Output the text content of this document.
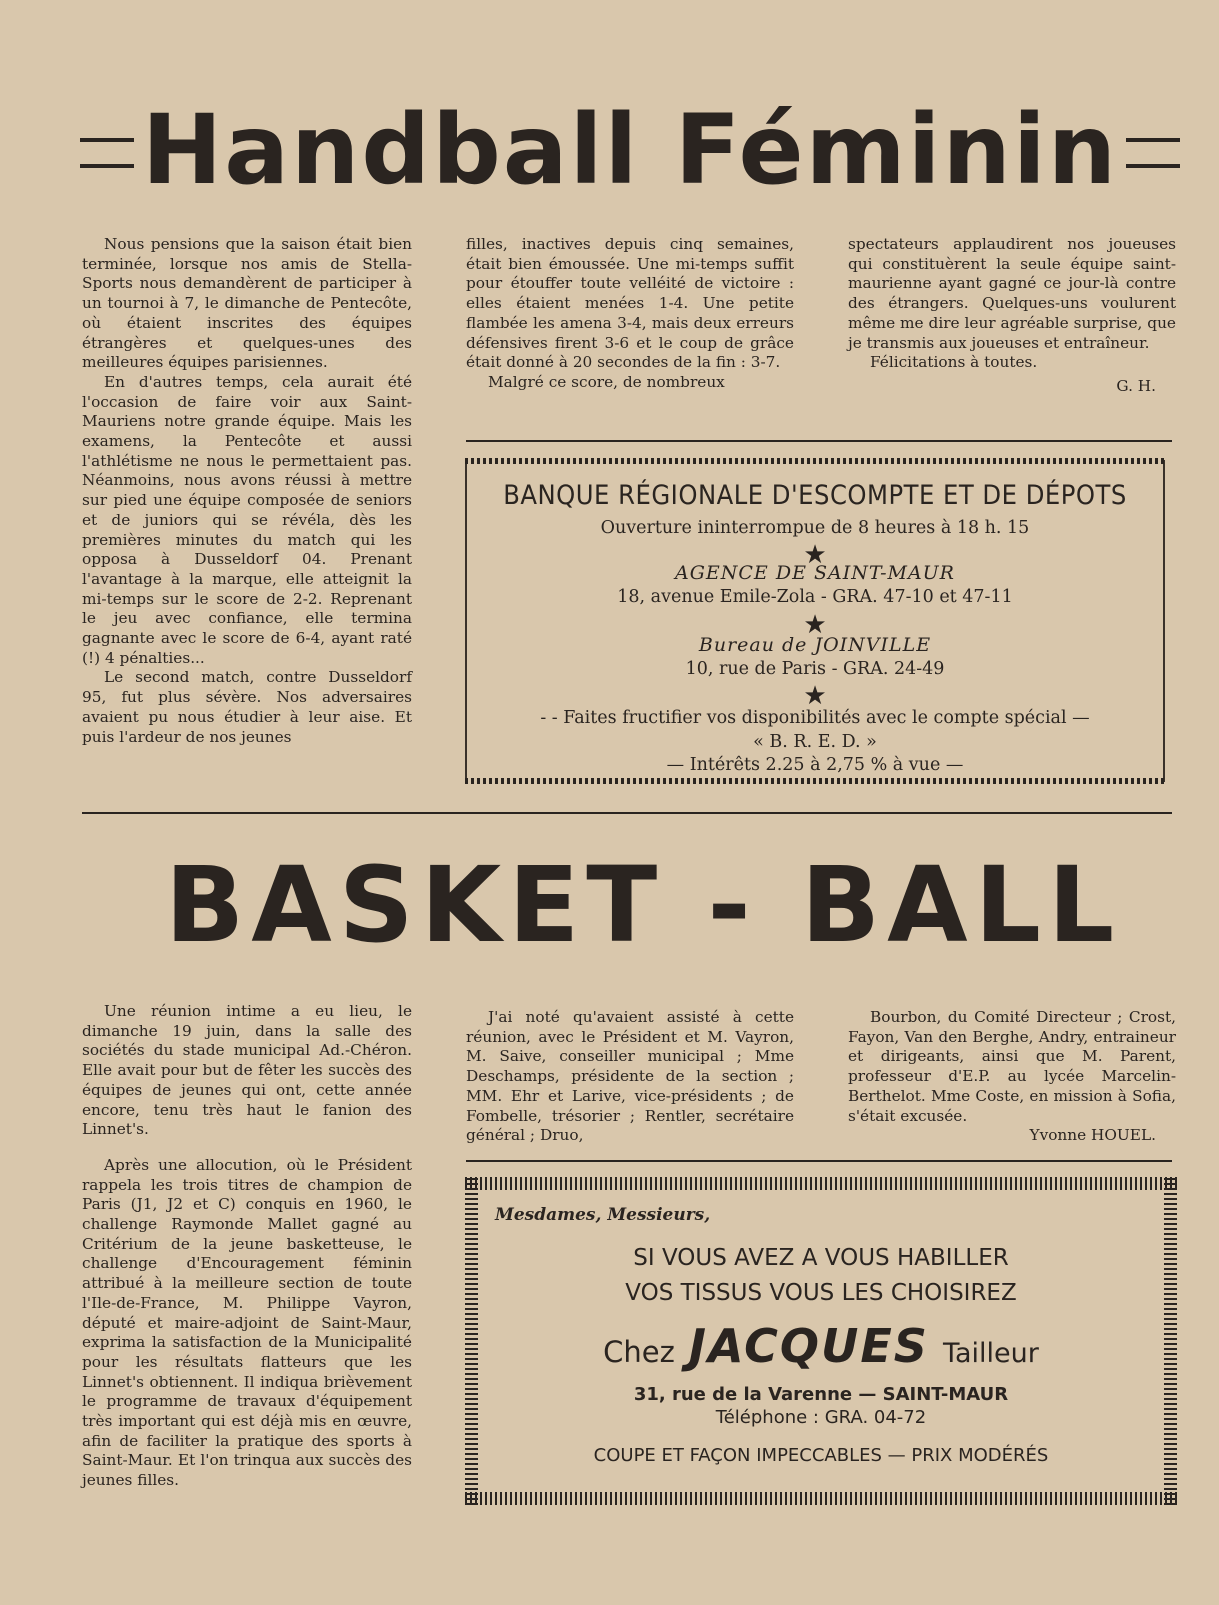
Handball Féminin

Nous pensions que la saison était bien terminée, lorsque nos amis de Stella-Sports nous demandèrent de participer à un tournoi à 7, le dimanche de Pentecôte, où étaient inscrites des équipes étrangères et quelques-unes des meilleures équipes parisiennes.

En d'autres temps, cela aurait été l'occasion de faire voir aux Saint-Mauriens notre grande équipe. Mais les examens, la Pentecôte et aussi l'athlétisme ne nous le permettaient pas. Néanmoins, nous avons réussi à mettre sur pied une équipe composée de seniors et de juniors qui se révéla, dès les premières minutes du match qui les opposa à Dusseldorf 04. Prenant l'avantage à la marque, elle atteignit la mi-temps sur le score de 2-2. Reprenant le jeu avec confiance, elle termina gagnante avec le score de 6-4, ayant raté (!) 4 pénalties...

Le second match, contre Dusseldorf 95, fut plus sévère. Nos adversaires avaient pu nous étudier à leur aise. Et puis l'ardeur de nos jeunes

filles, inactives depuis cinq semaines, était bien émoussée. Une mi-temps suffit pour étouffer toute velléité de victoire : elles étaient menées 1-4. Une petite flambée les amena 3-4, mais deux erreurs défensives firent 3-6 et le coup de grâce était donné à 20 secondes de la fin : 3-7.

Malgré ce score, de nombreux

spectateurs applaudirent nos joueuses qui constituèrent la seule équipe saint-maurienne ayant gagné ce jour-là contre des étrangers. Quelques-uns voulurent même me dire leur agréable surprise, que je transmis aux joueuses et entraîneur.

Félicitations à toutes.

G. H.
BANQUE RÉGIONALE D'ESCOMPTE ET DE DÉPOTS
Ouverture ininterrompue de 8 heures à 18 h. 15
★
AGENCE DE SAINT-MAUR
18, avenue Emile-Zola - GRA. 47-10 et 47-11
★
Bureau de JOINVILLE
10, rue de Paris - GRA. 24-49
★
- - Faites fructifier vos disponibilités avec le compte spécial —
« B. R. E. D. »
— Intérêts 2.25 à 2,75 % à vue —
BASKET - BALL

Une réunion intime a eu lieu, le dimanche 19 juin, dans la salle des sociétés du stade municipal Ad.-Chéron. Elle avait pour but de fêter les succès des équipes de jeunes qui ont, cette année encore, tenu très haut le fanion des Linnet's.

Après une allocution, où le Président rappela les trois titres de champion de Paris (J1, J2 et C) conquis en 1960, le challenge Raymonde Mallet gagné au Critérium de la jeune basketteuse, le challenge d'Encouragement féminin attribué à la meilleure section de toute l'Ile-de-France, M. Philippe Vayron, député et maire-adjoint de Saint-Maur, exprima la satisfaction de la Municipalité pour les résultats flatteurs que les Linnet's obtiennent. Il indiqua brièvement le programme de travaux d'équipement très important qui est déjà mis en œuvre, afin de faciliter la pratique des sports à Saint-Maur. Et l'on trinqua aux succès des jeunes filles.

J'ai noté qu'avaient assisté à cette réunion, avec le Président et M. Vayron, M. Saive, conseiller municipal ; Mme Deschamps, présidente de la section ; MM. Ehr et Larive, vice-présidents ; de Fombelle, trésorier ; Rentler, secrétaire général ; Druo,

Bourbon, du Comité Directeur ; Crost, Fayon, Van den Berghe, Andry, entraineur et dirigeants, ainsi que M. Parent, professeur d'E.P. au lycée Marcelin-Berthelot. Mme Coste, en mission à Sofia, s'était excusée.

Yvonne HOUEL.
Mesdames, Messieurs,
SI VOUS AVEZ A VOUS HABILLER
VOS TISSUS VOUS LES CHOISIREZ
Chez JACQUES Tailleur
31, rue de la Varenne — SAINT-MAUR
Téléphone : GRA. 04-72
COUPE ET FAÇON IMPECCABLES — PRIX MODÉRÉS
